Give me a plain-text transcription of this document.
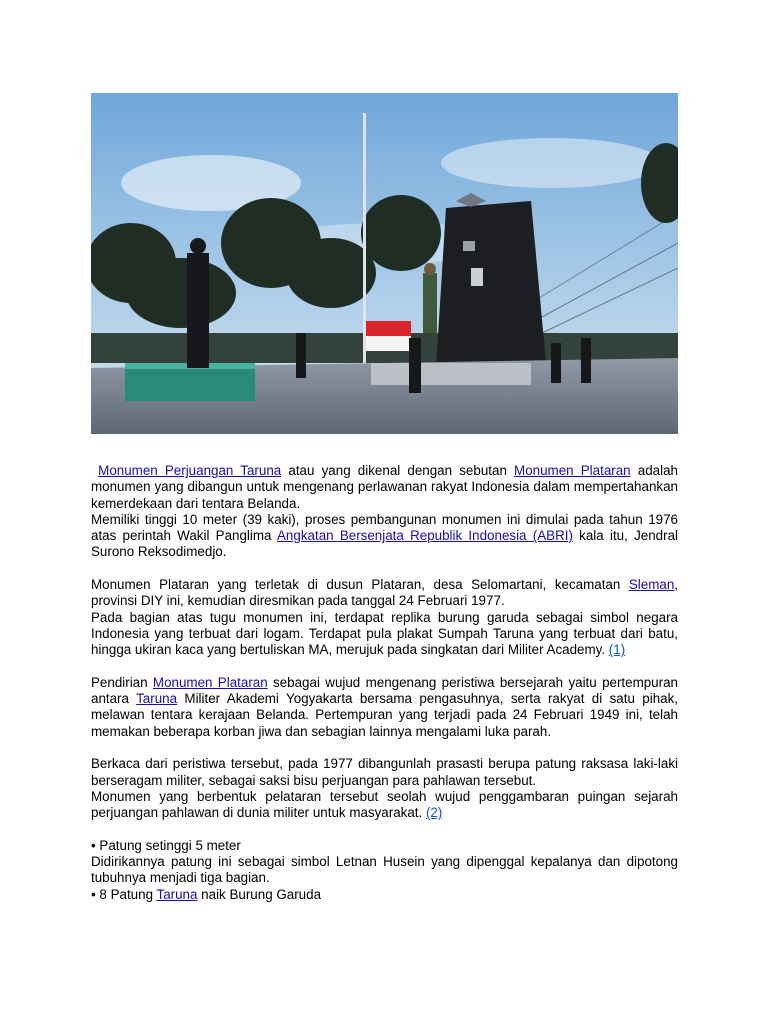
Monumen Perjuangan Taruna atau yang dikenal dengan sebutan Monumen Plataran adalah monumen yang dibangun untuk mengenang perlawanan rakyat Indonesia dalam mempertahankan kemerdekaan dari tentara Belanda.

Memiliki tinggi 10 meter (39 kaki), proses pembangunan monumen ini dimulai pada tahun 1976 atas perintah Wakil Panglima Angkatan Bersenjata Republik Indonesia (ABRI) kala itu, Jendral Surono Reksodimedjo.

Monumen Plataran yang terletak di dusun Plataran, desa Selomartani, kecamatan Sleman, provinsi DIY ini, kemudian diresmikan pada tanggal 24 Februari 1977.

Pada bagian atas tugu monumen ini, terdapat replika burung garuda sebagai simbol negara Indonesia yang terbuat dari logam. Terdapat pula plakat Sumpah Taruna yang terbuat dari batu, hingga ukiran kaca yang bertuliskan MA, merujuk pada singkatan dari Militer Academy. (1)

Pendirian Monumen Plataran sebagai wujud mengenang peristiwa bersejarah yaitu pertempuran antara Taruna Militer Akademi Yogyakarta bersama pengasuhnya, serta rakyat di satu pihak, melawan tentara kerajaan Belanda. Pertempuran yang terjadi pada 24 Februari 1949 ini, telah memakan beberapa korban jiwa dan sebagian lainnya mengalami luka parah.

Berkaca dari peristiwa tersebut, pada 1977 dibangunlah prasasti berupa patung raksasa laki-laki berseragam militer, sebagai saksi bisu perjuangan para pahlawan tersebut.

Monumen yang berbentuk pelataran tersebut seolah wujud penggambaran puingan sejarah perjuangan pahlawan di dunia militer untuk masyarakat. (2)

• Patung setinggi 5 meter

Didirikannya patung ini sebagai simbol Letnan Husein yang dipenggal kepalanya dan dipotong tubuhnya menjadi tiga bagian.

• 8 Patung Taruna naik Burung Garuda
